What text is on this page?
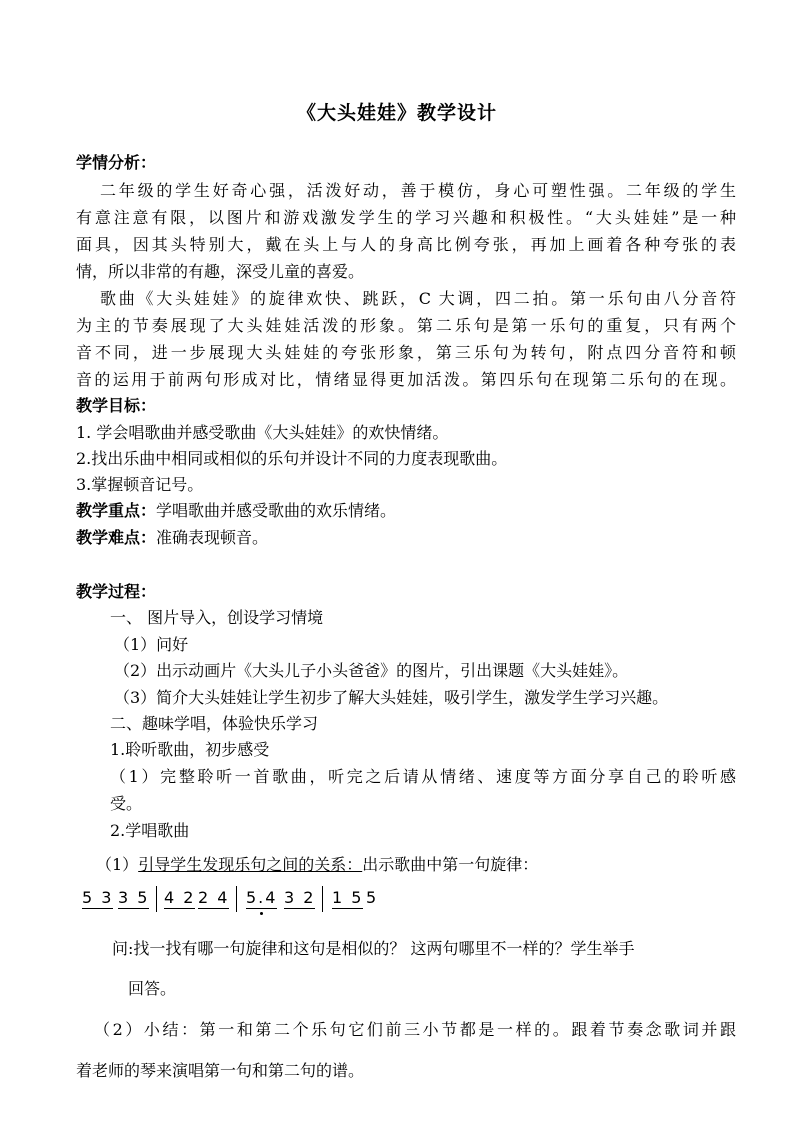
《大头娃娃》教学设计
学情分析：
二年级的学生好奇心强，活泼好动，善于模仿，身心可塑性强。二年级的学生
有意注意有限，以图片和游戏激发学生的学习兴趣和积极性。“大头娃娃”是一种
面具，因其头特别大，戴在头上与人的身高比例夸张，再加上画着各种夸张的表
情，所以非常的有趣，深受儿童的喜爱。
歌曲《大头娃娃》的旋律欢快、跳跃，C 大调，四二拍。第一乐句由八分音符
为主的节奏展现了大头娃娃活泼的形象。第二乐句是第一乐句的重复，只有两个
音不同，进一步展现大头娃娃的夸张形象，第三乐句为转句，附点四分音符和顿
音的运用于前两句形成对比，情绪显得更加活泼。第四乐句在现第二乐句的在现。
教学目标：
1. 学会唱歌曲并感受歌曲《大头娃娃》的欢快情绪。
2.找出乐曲中相同或相似的乐句并设计不同的力度表现歌曲。
3.掌握顿音记号。
教学重点：学唱歌曲并感受歌曲的欢乐情绪。
教学难点：准确表现顿音。
教学过程：
一、 图片导入，创设学习情境
（1）问好
（2）出示动画片《大头儿子小头爸爸》的图片，引出课题《大头娃娃》。
（3）简介大头娃娃让学生初步了解大头娃娃，吸引学生，激发学生学习兴趣。
二、趣味学唱，体验快乐学习
1.聆听歌曲，初步感受
（1）完整聆听一首歌曲，听完之后请从情绪、速度等方面分享自己的聆听感
受。
2.学唱歌曲
（1）引导学生发现乐句之间的关系：出示歌曲中第一句旋律：
5 3 3 5 4 2 2 4 5.4 3 2 1 5 5
问:找一找有哪一句旋律和这句是相似的？ 这两句哪里不一样的？学生举手
回答。
（2）小结：第一和第二个乐句它们前三小节都是一样的。跟着节奏念歌词并跟
着老师的琴来演唱第一句和第二句的谱。
